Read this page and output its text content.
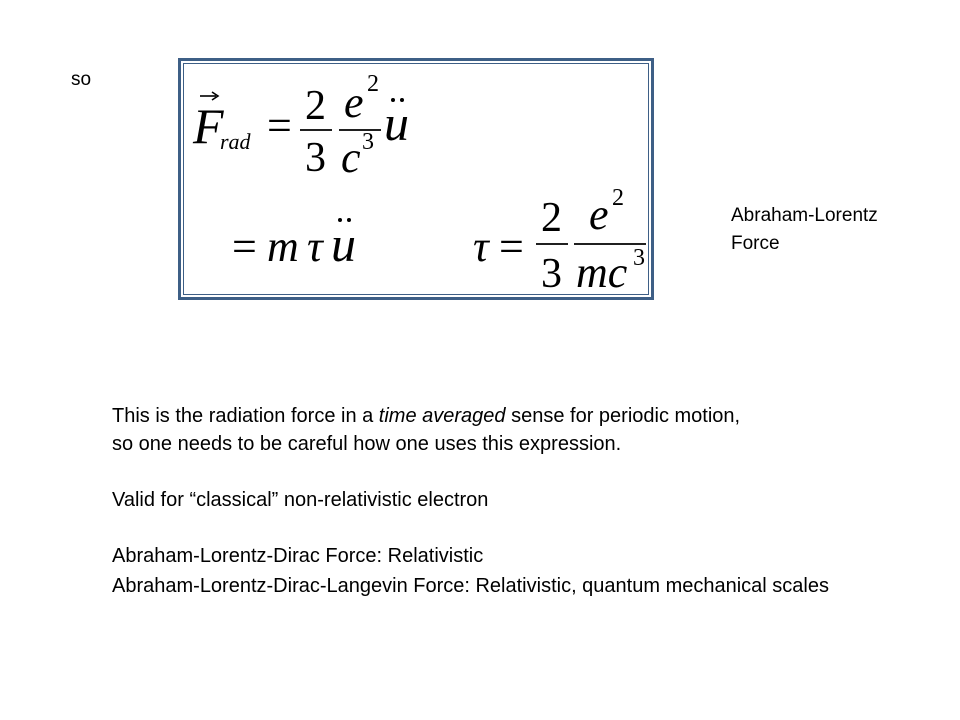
so
F
rad = 2
3
e 2
c 3 u
= m τ u	τ =
2
3
e 2
mc 3
Abraham-Lorentz
Force
This is the radiation force in a time averaged sense for periodic motion,
so one needs to be careful how one uses this expression.
Valid for “classical” non-relativistic electron
Abraham-Lorentz-Dirac Force: Relativistic
Abraham-Lorentz-Dirac-Langevin Force: Relativistic, quantum mechanical scales
